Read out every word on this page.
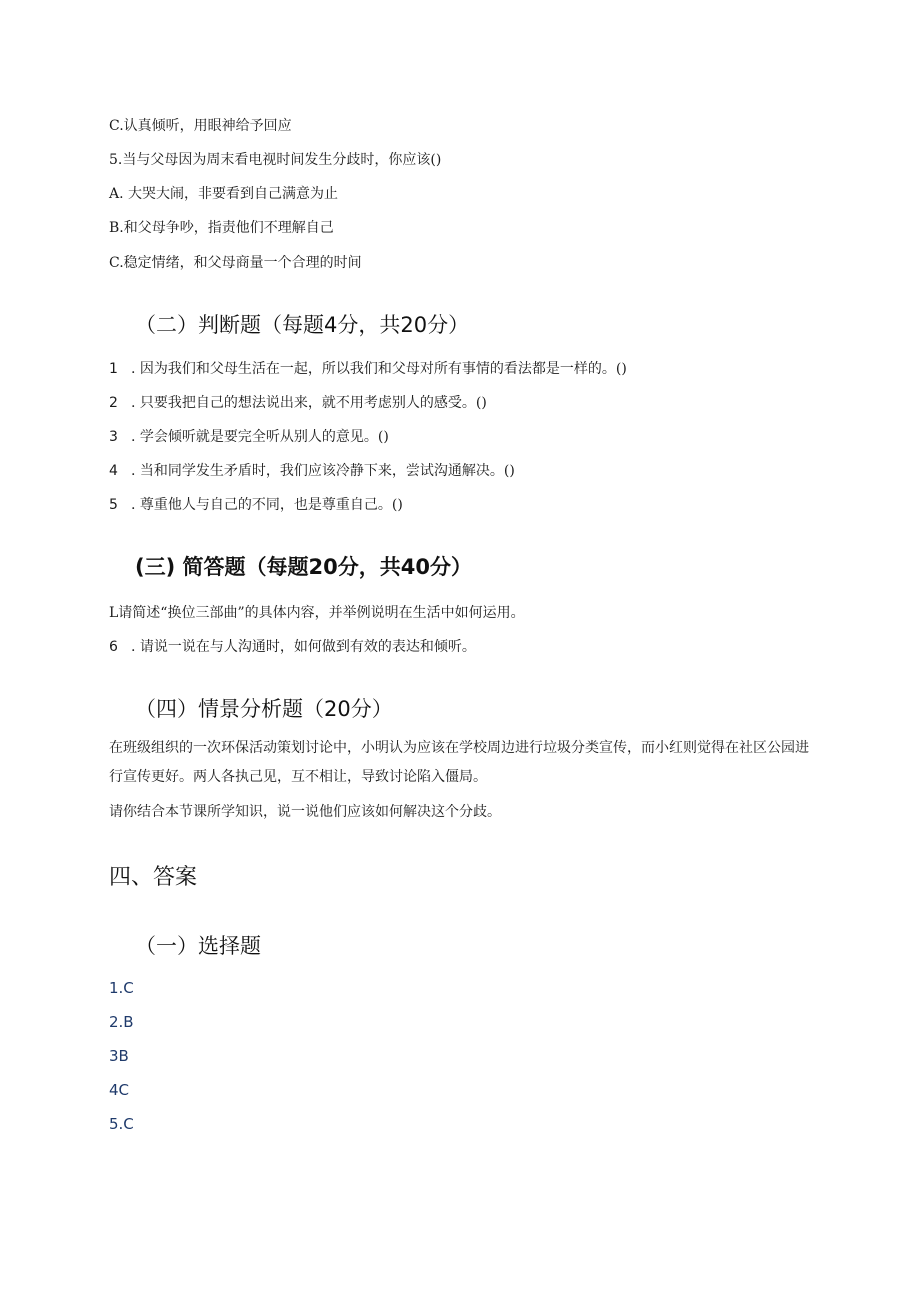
C.认真倾听，用眼神给予回应
5.当与父母因为周末看电视时间发生分歧时，你应该()
A. 大哭大闹，非要看到自己满意为止
B.和父母争吵，指责他们不理解自己
C.稳定情绪，和父母商量一个合理的时间
（二）判断题（每题4分，共20分）
1 . 因为我们和父母生活在一起，所以我们和父母对所有事情的看法都是一样的。()
2 . 只要我把自己的想法说出来，就不用考虑别人的感受。()
3 . 学会倾听就是要完全听从别人的意见。()
4 . 当和同学发生矛盾时，我们应该冷静下来，尝试沟通解决。()
5 . 尊重他人与自己的不同，也是尊重自己。()
(三) 简答题（每题20分，共40分）
L请简述“换位三部曲”的具体内容，并举例说明在生活中如何运用。
6 . 请说一说在与人沟通时，如何做到有效的表达和倾听。
（四）情景分析题（20分）
在班级组织的一次环保活动策划讨论中，小明认为应该在学校周边进行垃圾分类宣传，而小红则觉得在社区公园进行宣传更好。两人各执己见，互不相让，导致讨论陷入僵局。
请你结合本节课所学知识，说一说他们应该如何解决这个分歧。
四、答案
（一）选择题
1.C
2.B
3B
4C
5.C
